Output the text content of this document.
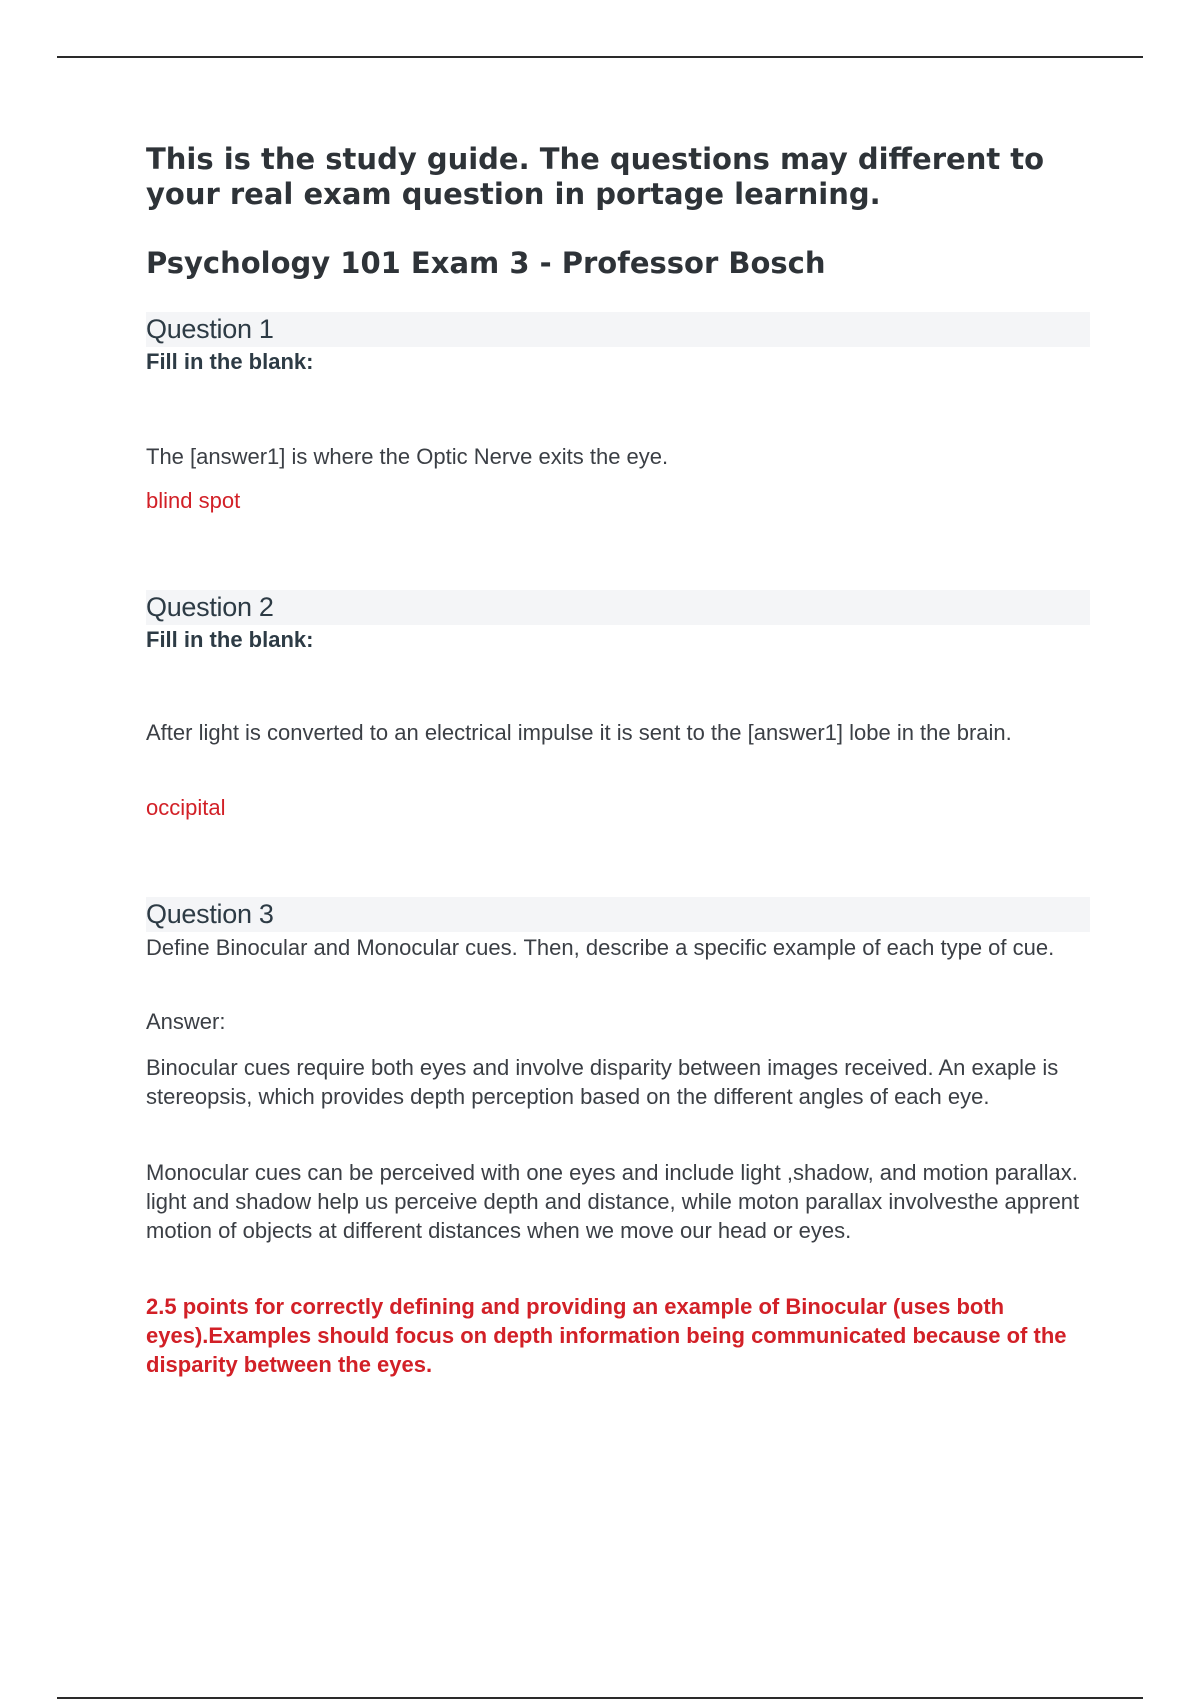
This is the study guide. The questions may different to your real exam question in portage learning.

Psychology 101 Exam 3 - Professor Bosch

Question 1
Fill in the blank:
The [answer1] is where the Optic Nerve exits the eye.
blind spot
Question 2
Fill in the blank:
After light is converted to an electrical impulse it is sent to the [answer1] lobe in the brain.
occipital
Question 3
Define Binocular and Monocular cues. Then, describe a specific example of each type of cue.
Answer:
Binocular cues require both eyes and involve disparity between images received. An exaple is stereopsis, which provides depth perception based on the different angles of each eye.
Monocular cues can be perceived with one eyes and include light ,shadow, and motion parallax. light and shadow help us perceive depth and distance, while moton parallax involvesthe apprent motion of objects at different distances when we move our head or eyes.
2.5 points for correctly defining and providing an example of Binocular (uses both eyes).Examples should focus on depth information being communicated because of the disparity between the eyes.
